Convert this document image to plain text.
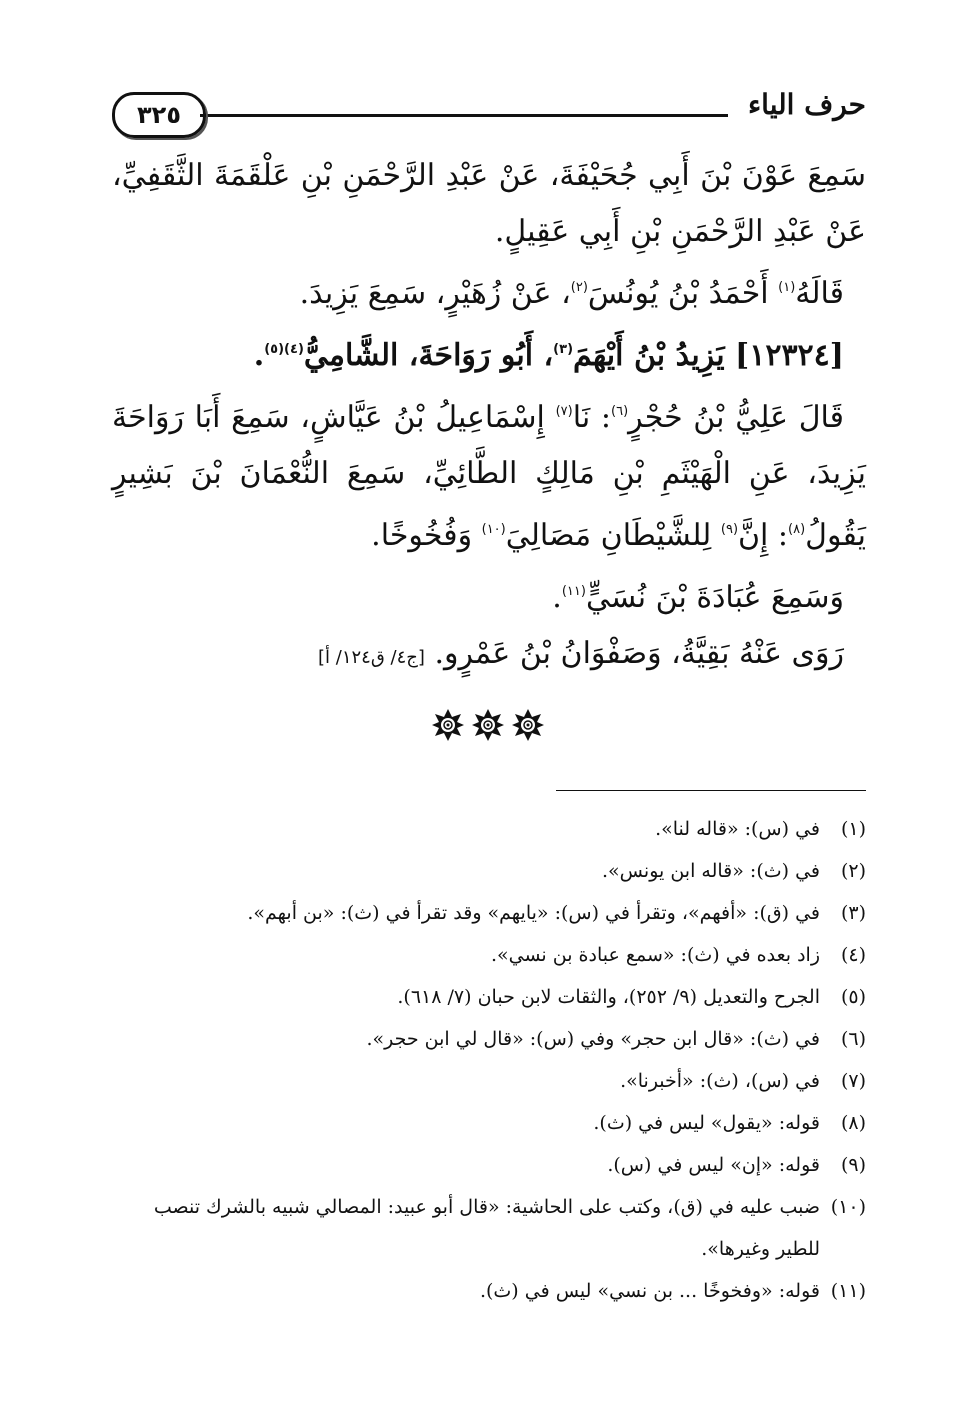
حرف الياء
٣٢٥

سَمِعَ عَوْنَ بْنَ أَبِي جُحَيْفَةَ، عَنْ عَبْدِ الرَّحْمَنِ بْنِ عَلْقَمَةَ الثَّقَفِيِّ، عَنْ عَبْدِ الرَّحْمَنِ بْنِ أَبِي عَقِيلٍ.

قَالَهُ$^{(١)}$ أَحْمَدُ بْنُ يُونُسَ$^{(٢)}$، عَنْ زُهَيْرٍ، سَمِعَ يَزِيدَ.

[١٢٣٢٤] يَزِيدُ بْنُ أَيْهَمَ$^{(٣)}$، أَبُو رَوَاحَةَ، الشَّامِيُّ$^{(٤)(٥)}$.

قَالَ عَلِيُّ بْنُ حُجْرٍ$^{(٦)}$: نَا$^{(٧)}$ إِسْمَاعِيلُ بْنُ عَيَّاشٍ، سَمِعَ أَبَا رَوَاحَةَ يَزِيدَ، عَنِ الْهَيْثَمِ بْنِ مَالِكٍ الطَّائِيِّ، سَمِعَ النُّعْمَانَ بْنَ بَشِيرٍ يَقُولُ$^{(٨)}$: إِنَّ$^{(٩)}$ لِلشَّيْطَانِ مَصَالِيَ$^{(١٠)}$ وَفُخُوخًا.

وَسَمِعَ عُبَادَةَ بْنَ نُسَيٍّ$^{(١١)}$.

رَوَى عَنْهُ بَقِيَّةُ، وَصَفْوَانُ بْنُ عَمْرٍو. [ج٤/ ق١٢٤/ أ]

(١)
في (س): «قاله لنا».
(٢)
في (ث): «قاله ابن يونس».
(٣)
في (ق): «أفهم»، وتقرأ في (س): «يايهم» وقد تقرأ في (ث): «بن أبهم».
(٤)
زاد بعده في (ث): «سمع عبادة بن نسي».
(٥)
الجرح والتعديل (٩/ ٢٥٢)، والثقات لابن حبان (٧/ ٦١٨).
(٦)
في (ث): «قال ابن حجر» وفي (س): «قال لي ابن حجر».
(٧)
في (س)، (ث): «أخبرنا».
(٨)
قوله: «يقول» ليس في (ث).
(٩)
قوله: «إن» ليس في (س).
(١٠)
ضبب عليه في (ق)، وكتب على الحاشية: «قال أبو عبيد: المصالي شبيه بالشرك تنصب للطير وغيرها».
(١١)
قوله: «وفخوخًا ... بن نسي» ليس في (ث).
